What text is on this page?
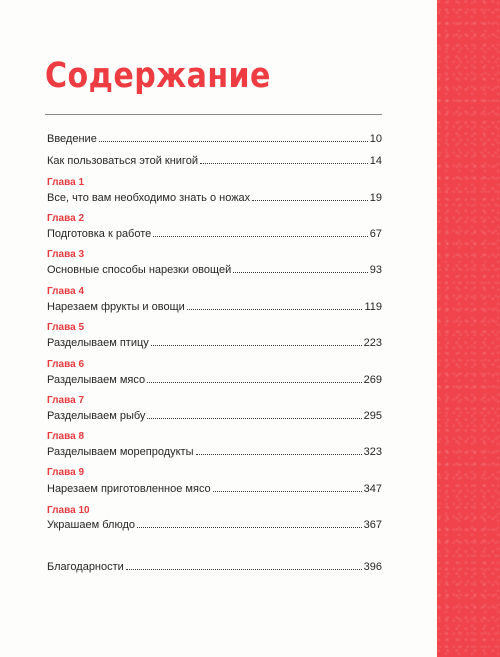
Содержание
Введение	10
Как пользоваться этой книгой	14
Глава 1
Все, что вам необходимо знать о ножах	19
Глава 2
Подготовка к работе	67
Глава 3
Основные способы нарезки овощей	93
Глава 4
Нарезаем фрукты и овощи	119
Глава 5
Разделываем птицу	223
Глава 6
Разделываем мясо	269
Глава 7
Разделываем рыбу	295
Глава 8
Разделываем морепродукты	323
Глава 9
Нарезаем приготовленное мясо	347
Глава 10
Украшаем блюдо	367
Благодарности	396
